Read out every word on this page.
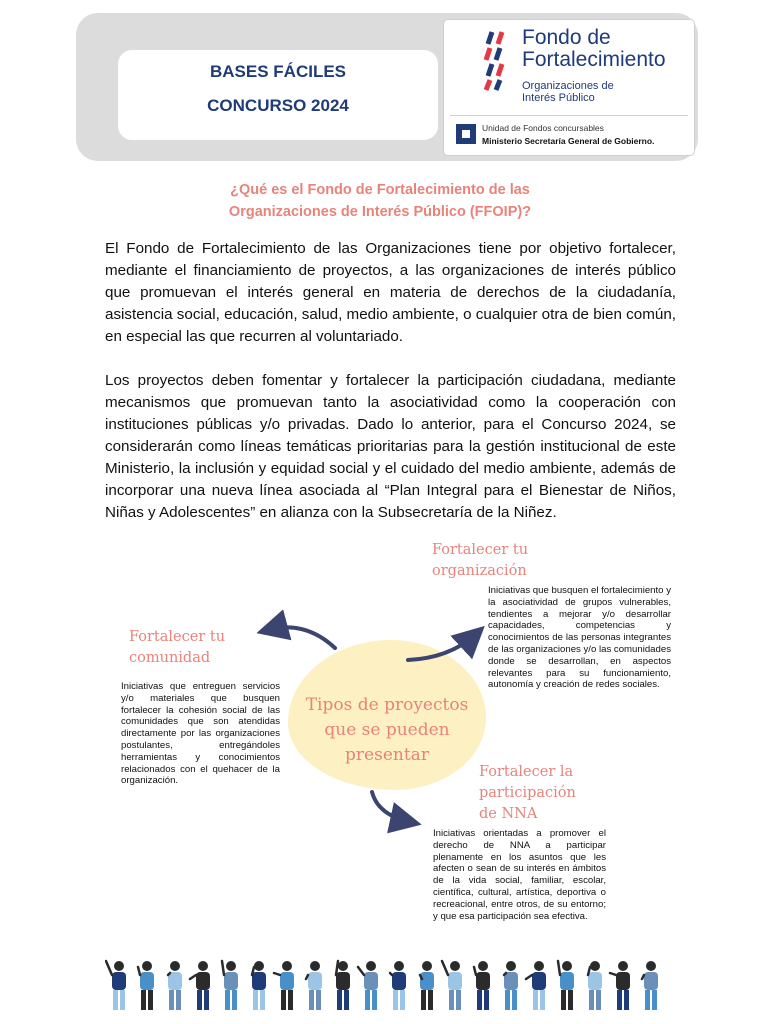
BASES FÁCILES
CONCURSO 2024
Fondo de
Fortalecimiento
Organizaciones de
Interés Público
Unidad de Fondos concursables
Ministerio Secretaría General de Gobierno.
¿Qué es el Fondo de Fortalecimiento de las
Organizaciones de Interés Público (FFOIP)?

El Fondo de Fortalecimiento de las Organizaciones tiene por objetivo fortalecer, mediante el financiamiento de proyectos, a las organizaciones de interés público que promuevan el interés general en materia de derechos de la ciudadanía, asistencia social, educación, salud, medio ambiente, o cualquier otra de bien común, en especial las que recurren al voluntariado.

Los proyectos deben fomentar y fortalecer la participación ciudadana, mediante mecanismos que promuevan tanto la asociatividad como la cooperación con instituciones públicas y/o privadas. Dado lo anterior, para el Concurso 2024, se considerarán como líneas temáticas prioritarias para la gestión institucional de este Ministerio, la inclusión y equidad social y el cuidado del medio ambiente, además de incorporar una nueva línea asociada al “Plan Integral para el Bienestar de Niños, Niñas y Adolescentes” en alianza con la Subsecretaría de la Niñez.

Tipos de proyectos
que se pueden
presentar
Fortalecer tu
organización
Iniciativas que busquen el fortalecimiento y la asociatividad de grupos vulnerables, tendientes a mejorar y/o desarrollar capacidades, competencias y conocimientos de las personas integrantes de las organizaciones y/o las comunidades donde se desarrollan, en aspectos relevantes para su funcionamiento, autonomía y creación de redes sociales.
Fortalecer tu
comunidad
Iniciativas que entreguen servicios y/o materiales que busquen fortalecer la cohesión social de las comunidades que son atendidas directamente por las organizaciones postulantes, entregándoles herramientas y conocimientos relacionados con el quehacer de la organización.
Fortalecer la
participación
de NNA
Iniciativas orientadas a promover el derecho de NNA a participar plenamente en los asuntos que les afecten o sean de su interés en ámbitos de la vida social, familiar, escolar, científica, cultural, artística, deportiva o recreacional, entre otros, de su entorno; y que esa participación sea efectiva.
